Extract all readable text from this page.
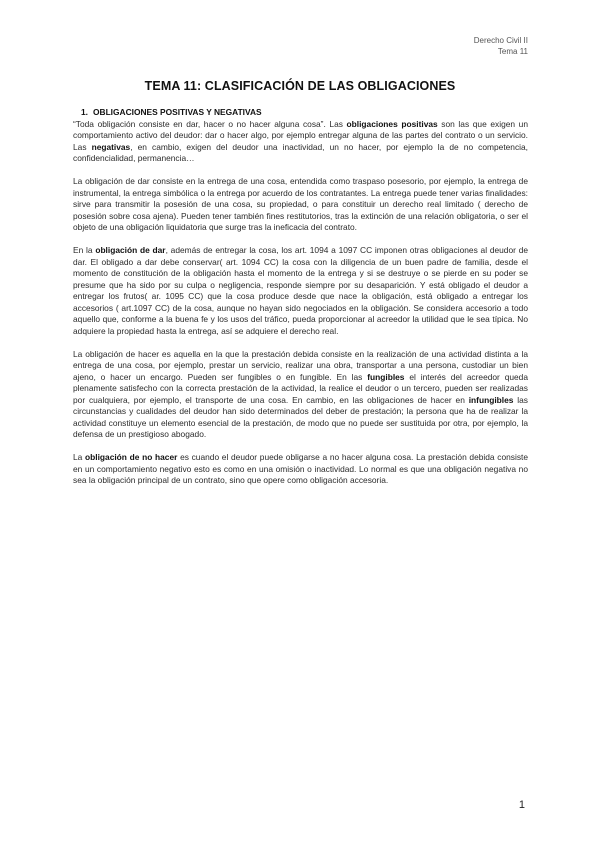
Derecho Civil II
Tema 11
TEMA 11: CLASIFICACIÓN DE LAS OBLIGACIONES
1. OBLIGACIONES POSITIVAS Y NEGATIVAS

“Toda obligación consiste en dar, hacer o no hacer alguna cosa”. Las obligaciones positivas son las que exigen un comportamiento activo del deudor: dar o hacer algo, por ejemplo entregar alguna de las partes del contrato o un servicio. Las negativas, en cambio, exigen del deudor una inactividad, un no hacer, por ejemplo la de no competencia, confidencialidad, permanencia…

La obligación de dar consiste en la entrega de una cosa, entendida como traspaso posesorio, por ejemplo, la entrega de instrumental, la entrega simbólica o la entrega por acuerdo de los contratantes. La entrega puede tener varias finalidades: sirve para transmitir la posesión de una cosa, su propiedad, o para constituir un derecho real limitado ( derecho de posesión sobre cosa ajena). Pueden tener también fines restitutorios, tras la extinción de una relación obligatoria, o ser el objeto de una obligación liquidatoria que surge tras la ineficacia del contrato.

En la obligación de dar, además de entregar la cosa, los art. 1094 a 1097 CC imponen otras obligaciones al deudor de dar. El obligado a dar debe conservar( art. 1094 CC) la cosa con la diligencia de un buen padre de familia, desde el momento de constitución de la obligación hasta el momento de la entrega y si se destruye o se pierde en su poder se presume que ha sido por su culpa o negligencia, responde siempre por su desaparición. Y está obligado el deudor a entregar los frutos( ar. 1095 CC) que la cosa produce desde que nace la obligación, está obligado a entregar los accesorios ( art.1097 CC) de la cosa, aunque no hayan sido negociados en la obligación. Se considera accesorio a todo aquello que, conforme a la buena fe y los usos del tráfico, pueda proporcionar al acreedor la utilidad que le sea típica. No adquiere la propiedad hasta la entrega, así se adquiere el derecho real.

La obligación de hacer es aquella en la que la prestación debida consiste en la realización de una actividad distinta a la entrega de una cosa, por ejemplo, prestar un servicio, realizar una obra, transportar a una persona, custodiar un bien ajeno, o hacer un encargo. Pueden ser fungibles o en fungible. En las fungibles el interés del acreedor queda plenamente satisfecho con la correcta prestación de la actividad, la realice el deudor o un tercero, pueden ser realizadas por cualquiera, por ejemplo, el transporte de una cosa. En cambio, en las obligaciones de hacer en infungibles las circunstancias y cualidades del deudor han sido determinados del deber de prestación; la persona que ha de realizar la actividad constituye un elemento esencial de la prestación, de modo que no puede ser sustituida por otra, por ejemplo, la defensa de un prestigioso abogado.

La obligación de no hacer es cuando el deudor puede obligarse a no hacer alguna cosa. La prestación debida consiste en un comportamiento negativo esto es como en una omisión o inactividad. Lo normal es que una obligación negativa no sea la obligación principal de un contrato, sino que opere como obligación accesoria.

1
